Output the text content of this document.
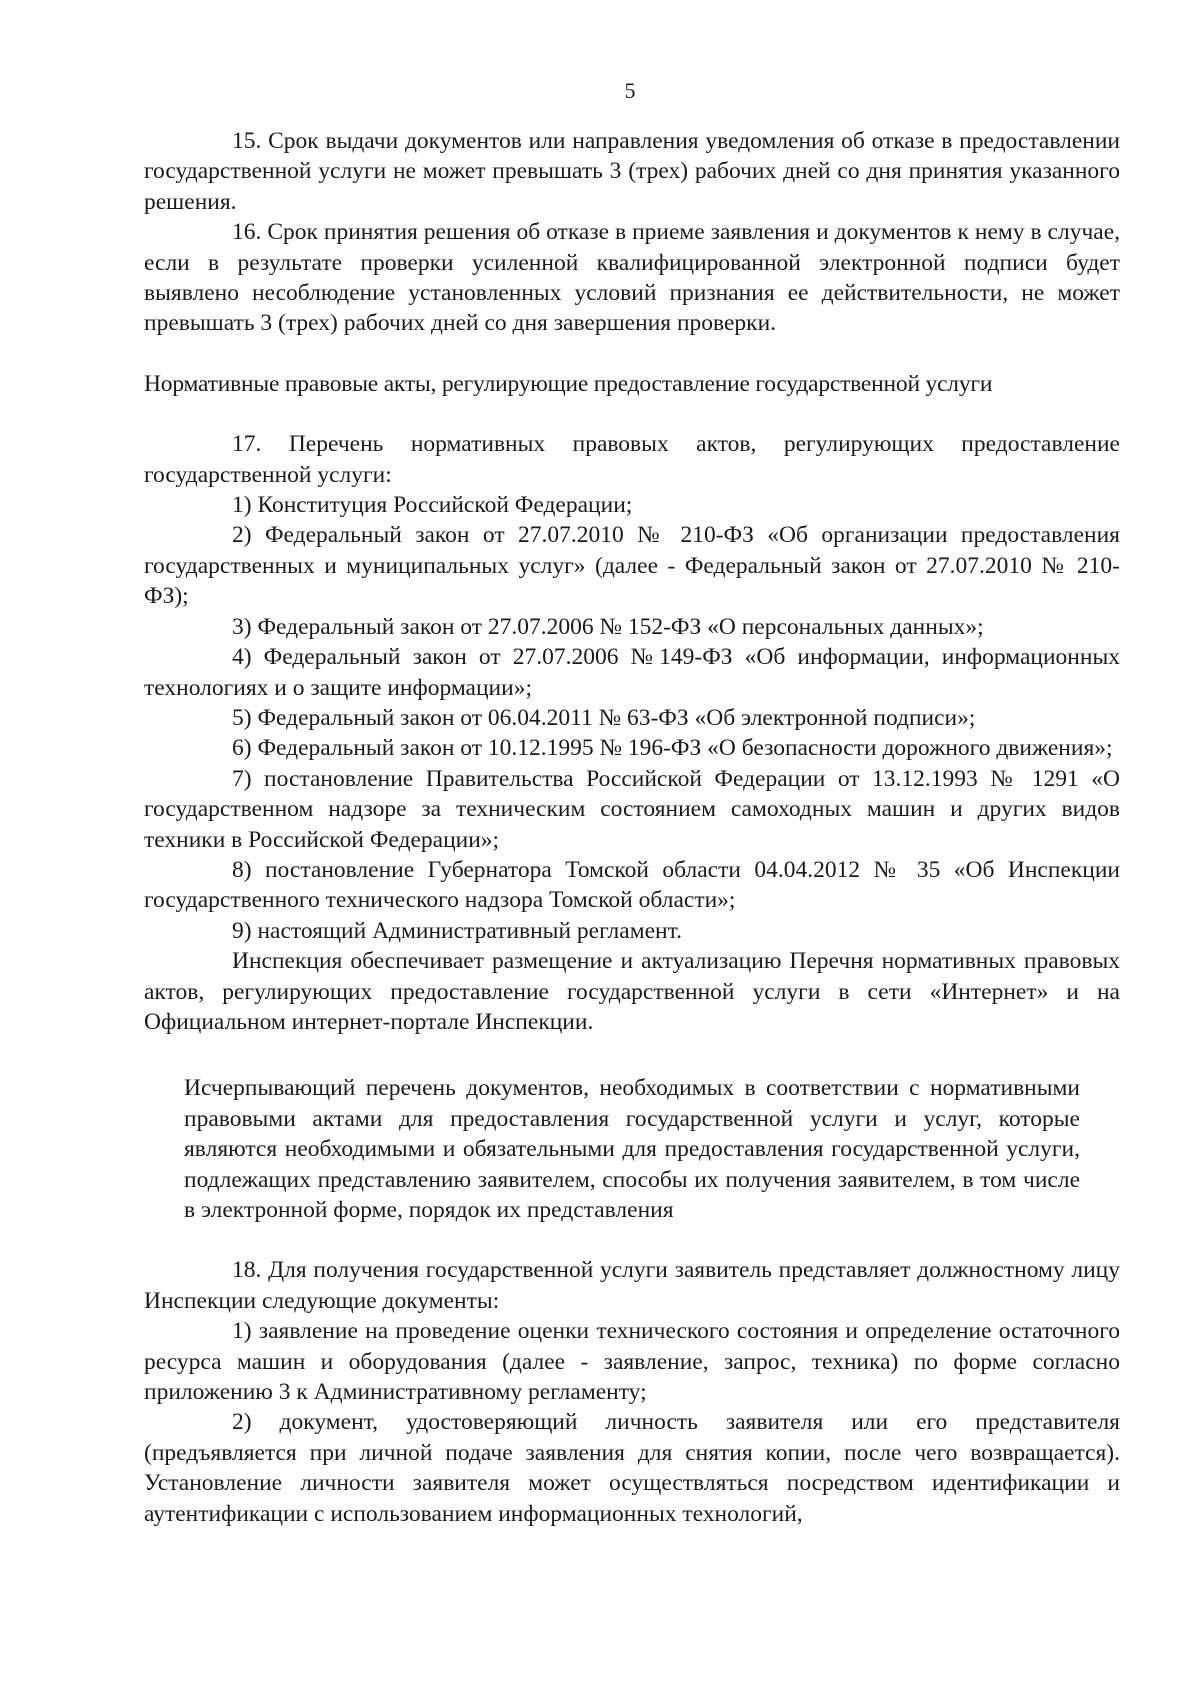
5

15. Срок выдачи документов или направления уведомления об отказе в предоставлении государственной услуги не может превышать 3 (трех) рабочих дней со дня принятия указанного решения.

16. Срок принятия решения об отказе в приеме заявления и документов к нему в случае, если в результате проверки усиленной квалифицированной электронной подписи будет выявлено несоблюдение установленных условий признания ее действительности, не может превышать 3 (трех) рабочих дней со дня завершения проверки.

Нормативные правовые акты, регулирующие предоставление государственной услуги

17. Перечень нормативных правовых актов, регулирующих предоставление государственной услуги:

1) Конституция Российской Федерации;

2) Федеральный закон от 27.07.2010 № 210-ФЗ «Об организации предоставления государственных и муниципальных услуг» (далее - Федеральный закон от 27.07.2010 № 210-ФЗ);

3) Федеральный закон от 27.07.2006 № 152-ФЗ «О персональных данных»;

4) Федеральный закон от 27.07.2006 №149-ФЗ «Об информации, информационных технологиях и о защите информации»;

5) Федеральный закон от 06.04.2011 № 63-ФЗ «Об электронной подписи»;

6) Федеральный закон от 10.12.1995 № 196-ФЗ «О безопасности дорожного движения»;

7) постановление Правительства Российской Федерации от 13.12.1993 № 1291 «О государственном надзоре за техническим состоянием самоходных машин и других видов техники в Российской Федерации»;

8) постановление Губернатора Томской области 04.04.2012 № 35 «Об Инспекции государственного технического надзора Томской области»;

9) настоящий Административный регламент.

Инспекция обеспечивает размещение и актуализацию Перечня нормативных правовых актов, регулирующих предоставление государственной услуги в сети «Интернет» и на Официальном интернет-портале Инспекции.

Исчерпывающий перечень документов, необходимых в соответствии с нормативными правовыми актами для предоставления государственной услуги и услуг, которые являются необходимыми и обязательными для предоставления государственной услуги, подлежащих представлению заявителем, способы их получения заявителем, в том числе в электронной форме, порядок их представления

18. Для получения государственной услуги заявитель представляет должностному лицу Инспекции следующие документы:

1) заявление на проведение оценки технического состояния и определение остаточного ресурса машин и оборудования (далее - заявление, запрос, техника) по форме согласно приложению 3 к Административному регламенту;

2) документ, удостоверяющий личность заявителя или его представителя (предъявляется при личной подаче заявления для снятия копии, после чего возвращается). Установление личности заявителя может осуществляться посредством идентификации и аутентификации с использованием информационных технологий,
